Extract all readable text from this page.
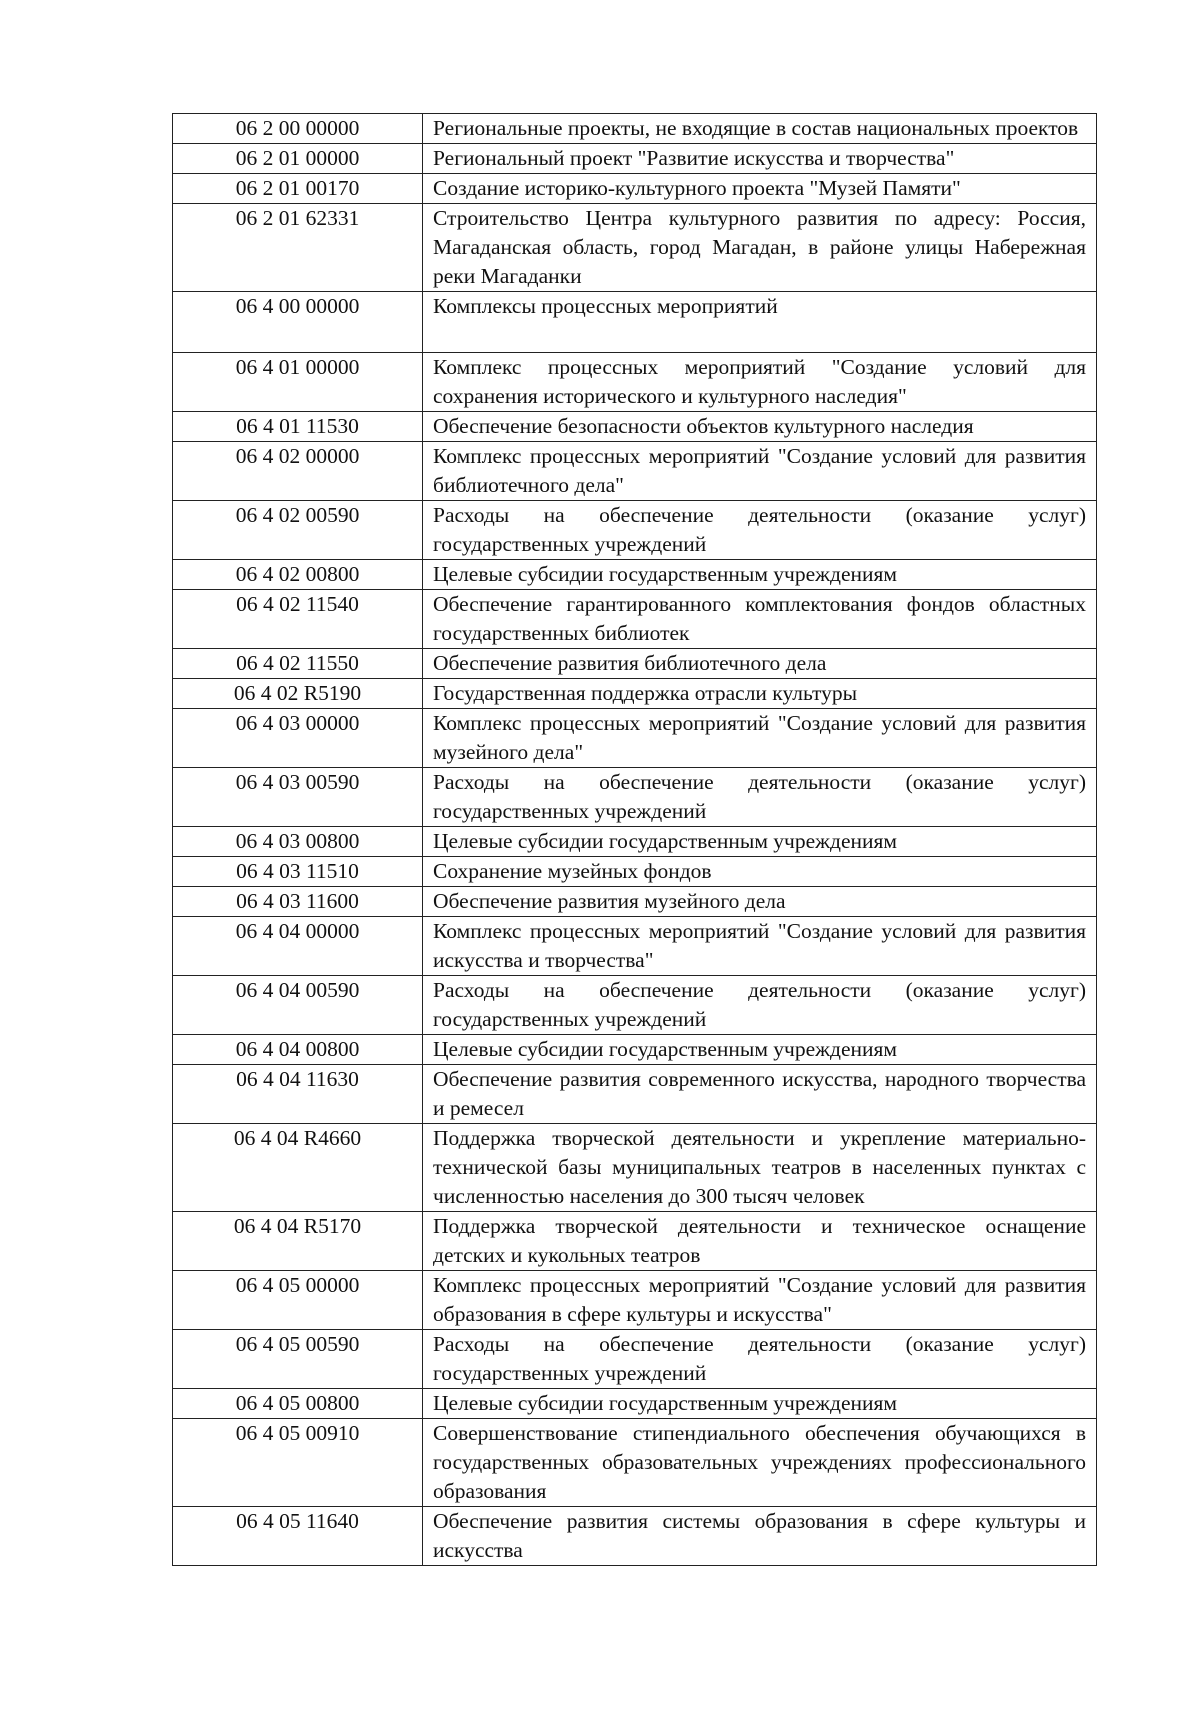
06 2 00 00000	Региональные проекты, не входящие в состав национальных проектов
06 2 01 00000	Региональный проект "Развитие искусства и творчества"
06 2 01 00170	Создание историко-культурного проекта "Музей Памяти"
06 2 01 62331	Строительство Центра культурного развития по адресу: Россия, Магаданская область, город Магадан, в районе улицы Набережная реки Магаданки
06 4 00 00000	Комплексы процессных мероприятий
06 4 01 00000	Комплекс процессных мероприятий "Создание условий для сохранения исторического и культурного наследия"
06 4 01 11530	Обеспечение безопасности объектов культурного наследия
06 4 02 00000	Комплекс процессных мероприятий "Создание условий для развития библиотечного дела"
06 4 02 00590	Расходы на обеспечение деятельности (оказание услуг) государственных учреждений
06 4 02 00800	Целевые субсидии государственным учреждениям
06 4 02 11540	Обеспечение гарантированного комплектования фондов областных государственных библиотек
06 4 02 11550	Обеспечение развития библиотечного дела
06 4 02 R5190	Государственная поддержка отрасли культуры
06 4 03 00000	Комплекс процессных мероприятий "Создание условий для развития музейного дела"
06 4 03 00590	Расходы на обеспечение деятельности (оказание услуг) государственных учреждений
06 4 03 00800	Целевые субсидии государственным учреждениям
06 4 03 11510	Сохранение музейных фондов
06 4 03 11600	Обеспечение развития музейного дела
06 4 04 00000	Комплекс процессных мероприятий "Создание условий для развития искусства и творчества"
06 4 04 00590	Расходы на обеспечение деятельности (оказание услуг) государственных учреждений
06 4 04 00800	Целевые субсидии государственным учреждениям
06 4 04 11630	Обеспечение развития современного искусства, народного творчества и ремесел
06 4 04 R4660	Поддержка творческой деятельности и укрепление материально-технической базы муниципальных театров в населенных пунктах с численностью населения до 300 тысяч человек
06 4 04 R5170	Поддержка творческой деятельности и техническое оснащение детских и кукольных театров
06 4 05 00000	Комплекс процессных мероприятий "Создание условий для развития образования в сфере культуры и искусства"
06 4 05 00590	Расходы на обеспечение деятельности (оказание услуг) государственных учреждений
06 4 05 00800	Целевые субсидии государственным учреждениям
06 4 05 00910	Совершенствование стипендиального обеспечения обучающихся в государственных образовательных учреждениях профессионального образования
06 4 05 11640	Обеспечение развития системы образования в сфере культуры и искусства
